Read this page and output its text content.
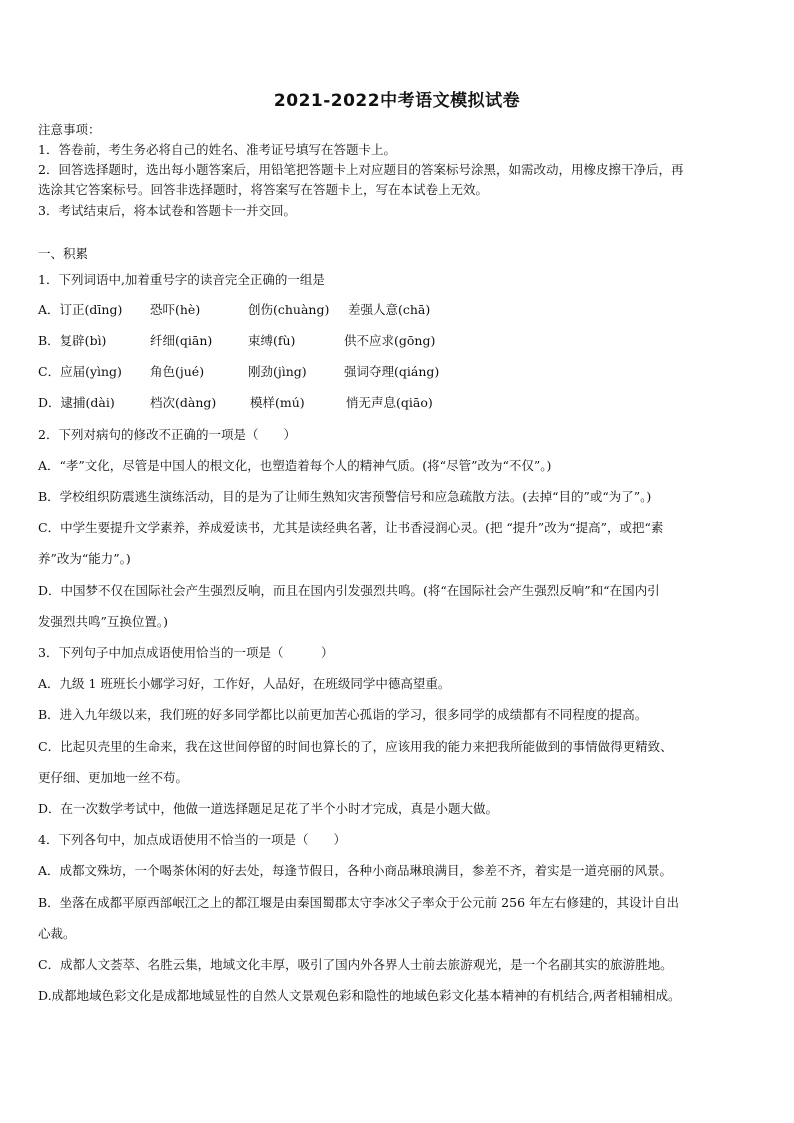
2021-2022中考语文模拟试卷
注意事项：
1．答卷前，考生务必将自己的姓名、准考证号填写在答题卡上。
2．回答选择题时，选出每小题答案后，用铅笔把答题卡上对应题目的答案标号涂黑，如需改动，用橡皮擦干净后，再
选涂其它答案标号。回答非选择题时，将答案写在答题卡上，写在本试卷上无效。
3．考试结束后，将本试卷和答题卡一并交回。
一、积累
1．下列词语中,加着重号字的读音完全正确的一组是
A．订正(dīng) 恐吓(hè)	创伤(chuàng) 差强人意(chā)
B．复辟(bì)	纤细(qiān)	束缚(fù)	供不应求(gōng)
C．应届(yìng) 角色(jué)	刚劲(jìng)	强词夺理(qiáng)
D．逮捕(dài)	档次(dàng)	模样(mú)	悄无声息(qiāo)
2．下列对病句的修改不正确的一项是（　　）
A．“孝”文化，尽管是中国人的根文化，也塑造着每个人的精神气质。(将“尽管”改为“不仅”。)
B．学校组织防震逃生演练活动，目的是为了让师生熟知灾害预警信号和应急疏散方法。(去掉“目的”或“为了”。)
C．中学生要提升文学素养，养成爱读书，尤其是读经典名著，让书香浸润心灵。(把 “提升”改为“提高”，或把“素
养”改为“能力”。)
D．中国梦不仅在国际社会产生强烈反响，而且在国内引发强烈共鸣。(将“在国际社会产生强烈反响”和“在国内引
发强烈共鸣”互换位置。)
3．下列句子中加点成语使用恰当的一项是（　　　）
A．九级 1 班班长小娜学习好，工作好，人品好，在班级同学中德高望重。
B．进入九年级以来，我们班的好多同学都比以前更加苦心孤诣的学习，很多同学的成绩都有不同程度的提高。
C．比起贝壳里的生命来，我在这世间停留的时间也算长的了，应该用我的能力来把我所能做到的事情做得更精致、
更仔细、更加地一丝不苟。
D．在一次数学考试中，他做一道选择题足足花了半个小时才完成，真是小题大做。
4．下列各句中，加点成语使用不恰当的一项是（　　）
A．成都文殊坊，一个喝茶休闲的好去处，每逢节假日，各种小商品琳琅满目，参差不齐，着实是一道亮丽的风景。
B．坐落在成都平原西部岷江之上的都江堰是由秦国蜀郡太守李冰父子率众于公元前 256 年左右修建的，其设计自出
心裁。
C．成都人文荟萃、名胜云集，地域文化丰厚，吸引了国内外各界人士前去旅游观光，是一个名副其实的旅游胜地。
D.成都地域色彩文化是成都地域显性的自然人文景观色彩和隐性的地域色彩文化基本精神的有机结合,两者相辅相成。
